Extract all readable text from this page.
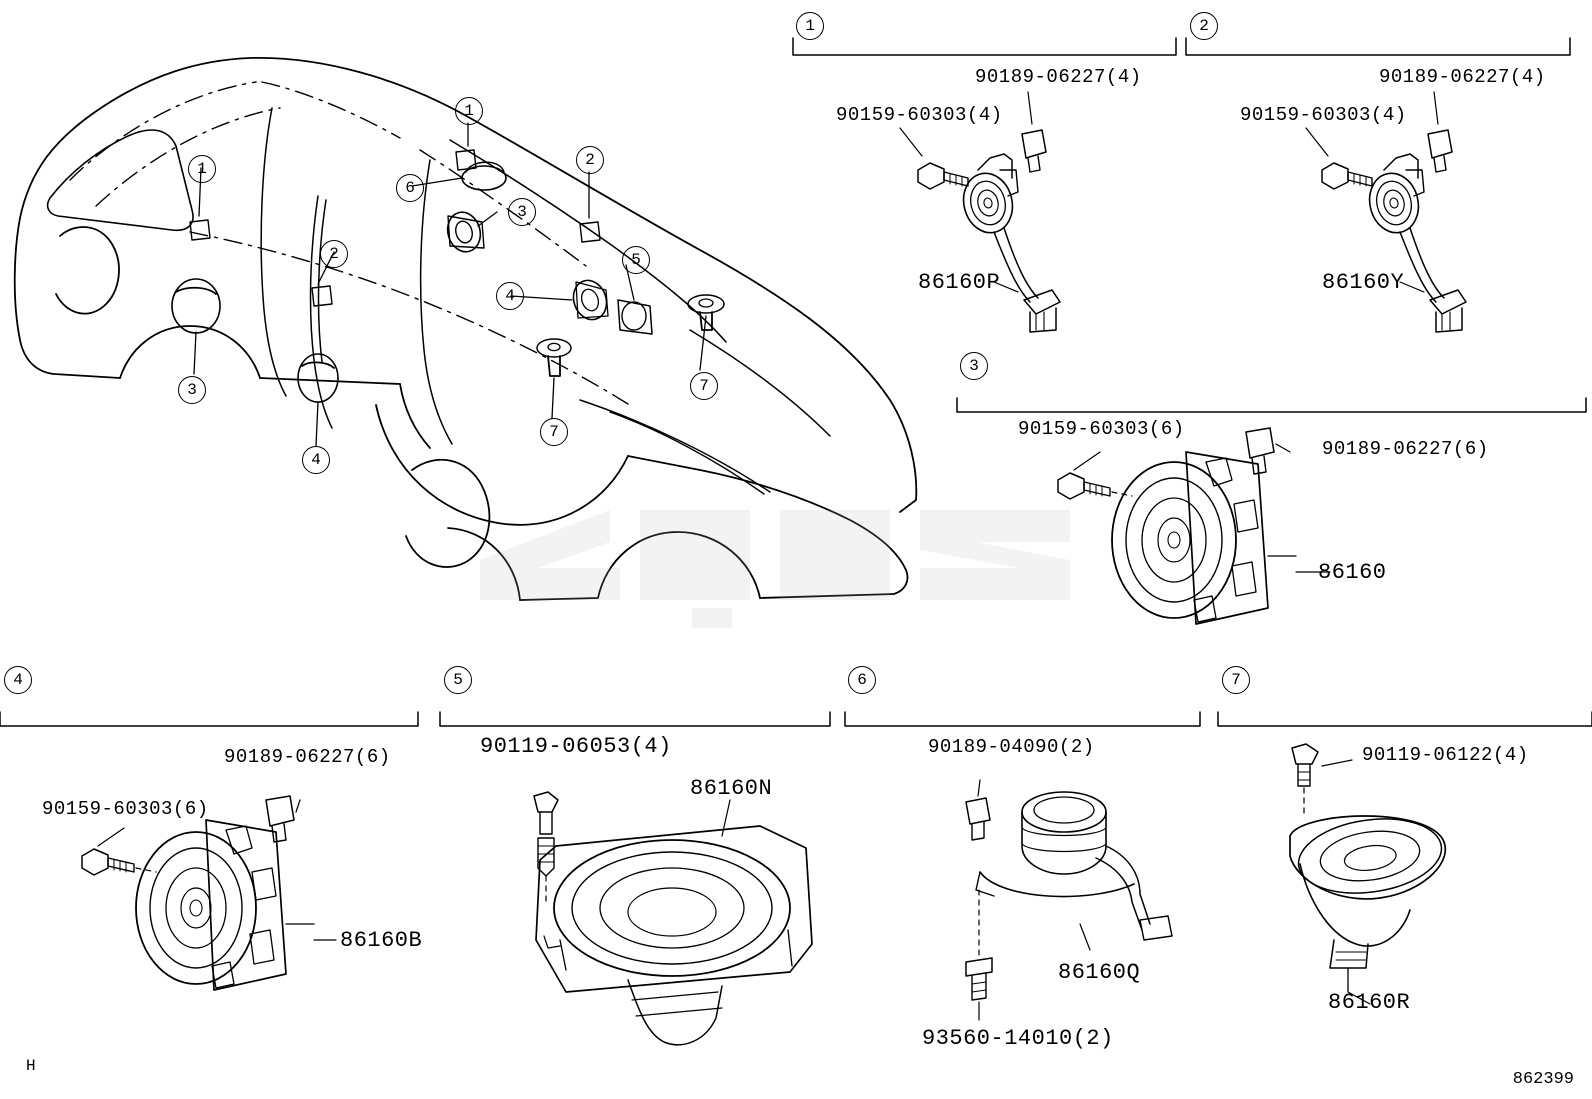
1
1	2
6
3
2	5
4
3	7
4
7
1	2
3
4	5	6	7
90189-06227(4)
90159-60303(4)
86160P
90189-06227(4)
90159-60303(4)
86160Y
90159-60303(6)
90189-06227(6)
86160
90189-06227(6)
90159-60303(6)
86160B
90119-06053(4)
86160N
90189-04090(2)
86160Q
93560-14010(2)
90119-06122(4)
86160R
H
862399
